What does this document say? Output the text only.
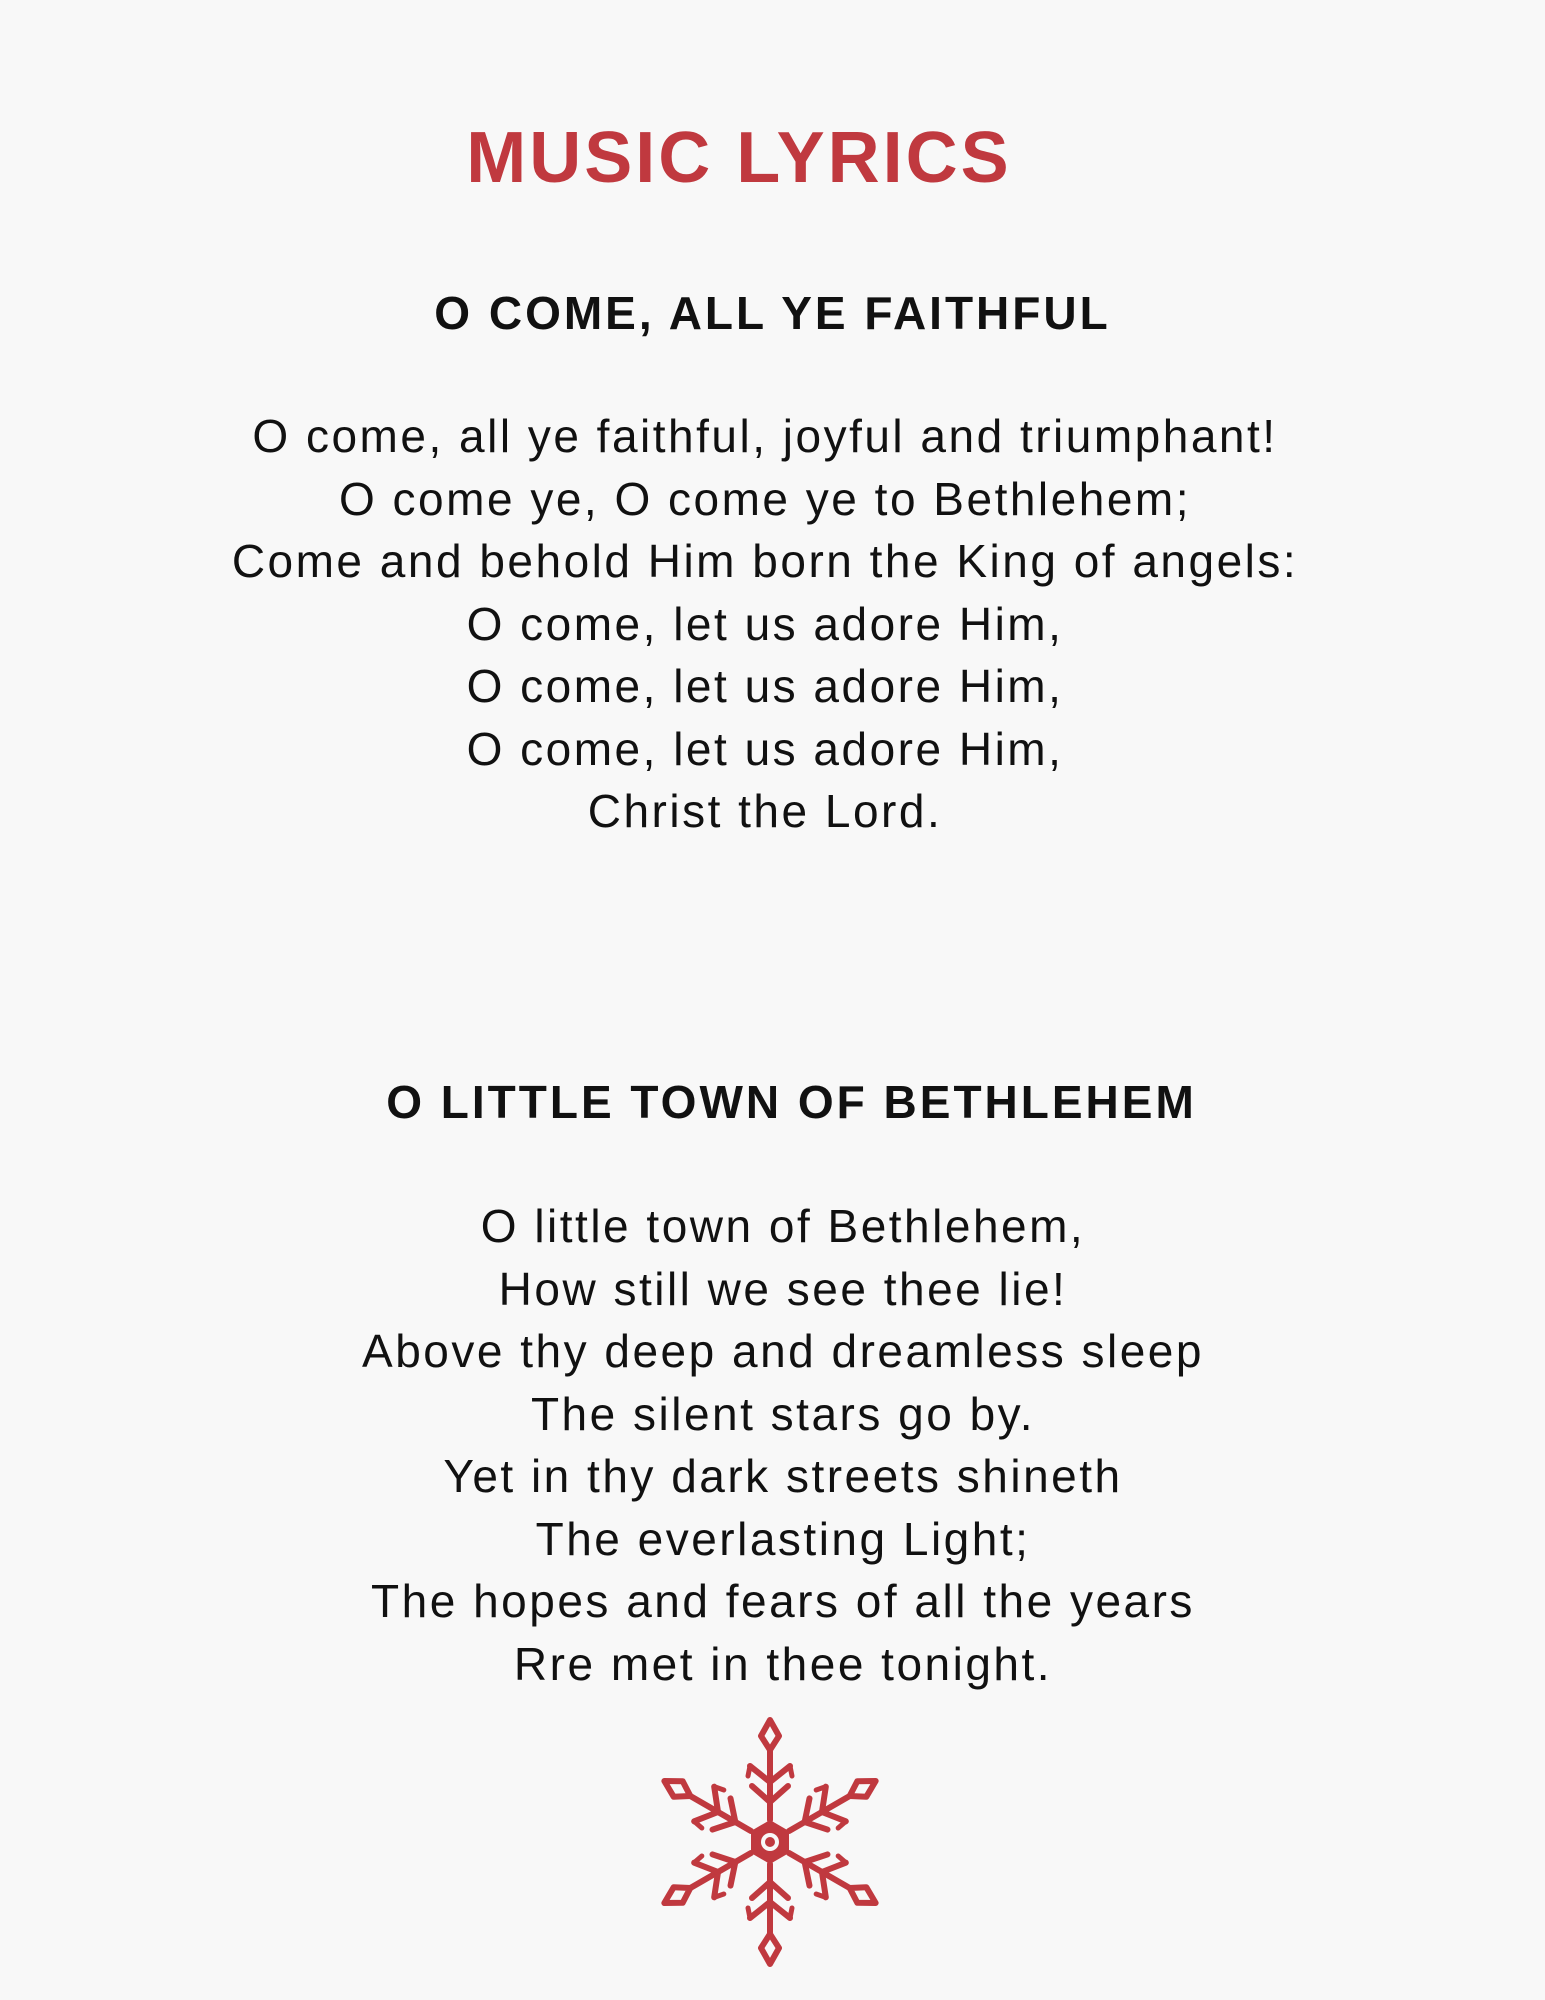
MUSIC LYRICS
O COME, ALL YE FAITHFUL
O come, all ye faithful, joyful and triumphant!
O come ye, O come ye to Bethlehem;
Come and behold Him born the King of angels:
O come, let us adore Him,
O come, let us adore Him,
O come, let us adore Him,
Christ the Lord.
O LITTLE TOWN OF BETHLEHEM
O little town of Bethlehem,
How still we see thee lie!
Above thy deep and dreamless sleep
The silent stars go by.
Yet in thy dark streets shineth
The everlasting Light;
The hopes and fears of all the years
Rre met in thee tonight.
